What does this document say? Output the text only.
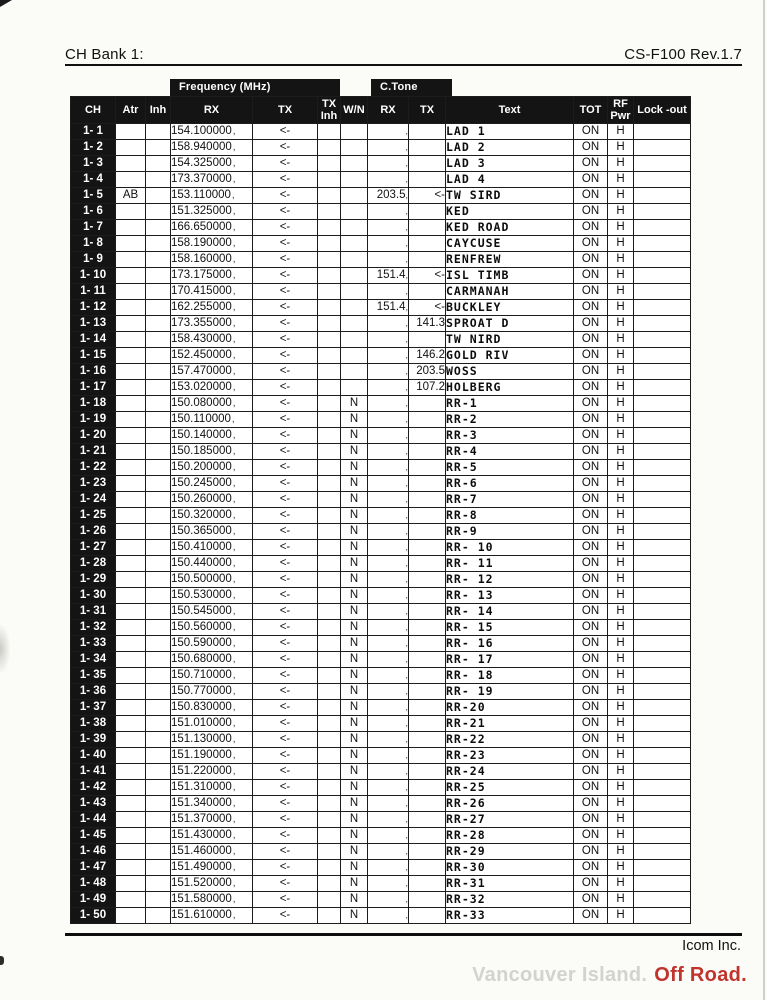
CH Bank 1:	CS-F100 Rev.1.7
Frequency (MHz)	C.Tone
CH	Atr	Inh	RX	TX	TX Inh	W/N	RX	TX	Text	TOT	RF Pwr	Lock -out
1- 1			154.100000 ,	<-			,		LAD 1	ON	H	
1- 2			158.940000 ,	<-			,		LAD 2	ON	H	
1- 3			154.325000 ,	<-			,		LAD 3	ON	H	
1- 4			173.370000 ,	<-			,		LAD 4	ON	H	
1- 5	AB		153.110000 ,	<-			203.5 ,	<-	TW SIRD	ON	H	
1- 6			151.325000 ,	<-			,		KED	ON	H	
1- 7			166.650000 ,	<-			,		KED ROAD	ON	H	
1- 8			158.190000 ,	<-			,		CAYCUSE	ON	H	
1- 9			158.160000 ,	<-			,		RENFREW	ON	H	
1- 10			173.175000 ,	<-			151.4 ,	<-	ISL TIMB	ON	H	
1- 11			170.415000 ,	<-			,		CARMANAH	ON	H	
1- 12			162.255000 ,	<-			151.4 ,	<-	BUCKLEY	ON	H	
1- 13			173.355000 ,	<-			,	141.3	SPROAT D	ON	H	
1- 14			158.430000 ,	<-			,		TW NIRD	ON	H	
1- 15			152.450000 ,	<-			,	146.2	GOLD RIV	ON	H	
1- 16			157.470000 ,	<-			,	203.5	WOSS	ON	H	
1- 17			153.020000 ,	<-			,	107.2	HOLBERG	ON	H	
1- 18			150.080000 ,	<-		N	,		RR-1	ON	H	
1- 19			150.110000 ,	<-		N	,		RR-2	ON	H	
1- 20			150.140000 ,	<-		N	,		RR-3	ON	H	
1- 21			150.185000 ,	<-		N	,		RR-4	ON	H	
1- 22			150.200000 ,	<-		N	,		RR-5	ON	H	
1- 23			150.245000 ,	<-		N	,		RR-6	ON	H	
1- 24			150.260000 ,	<-		N	,		RR-7	ON	H	
1- 25			150.320000 ,	<-		N	,		RR-8	ON	H	
1- 26			150.365000 ,	<-		N	,		RR-9	ON	H	
1- 27			150.410000 ,	<-		N	,		RR- 10	ON	H	
1- 28			150.440000 ,	<-		N	,		RR- 11	ON	H	
1- 29			150.500000 ,	<-		N	,		RR- 12	ON	H	
1- 30			150.530000 ,	<-		N	,		RR- 13	ON	H	
1- 31			150.545000 ,	<-		N	,		RR- 14	ON	H	
1- 32			150.560000 ,	<-		N	,		RR- 15	ON	H	
1- 33			150.590000 ,	<-		N	,		RR- 16	ON	H	
1- 34			150.680000 ,	<-		N	,		RR- 17	ON	H	
1- 35			150.710000 ,	<-		N	,		RR- 18	ON	H	
1- 36			150.770000 ,	<-		N	,		RR- 19	ON	H	
1- 37			150.830000 ,	<-		N	,		RR-20	ON	H	
1- 38			151.010000 ,	<-		N	,		RR-21	ON	H	
1- 39			151.130000 ,	<-		N	,		RR-22	ON	H	
1- 40			151.190000 ,	<-		N	,		RR-23	ON	H	
1- 41			151.220000 ,	<-		N	,		RR-24	ON	H	
1- 42			151.310000 ,	<-		N	,		RR-25	ON	H	
1- 43			151.340000 ,	<-		N	,		RR-26	ON	H	
1- 44			151.370000 ,	<-		N	,		RR-27	ON	H	
1- 45			151.430000 ,	<-		N	,		RR-28	ON	H	
1- 46			151.460000 ,	<-		N	,		RR-29	ON	H	
1- 47			151.490000 ,	<-		N	,		RR-30	ON	H	
1- 48			151.520000 ,	<-		N	,		RR-31	ON	H	
1- 49			151.580000 ,	<-		N	,		RR-32	ON	H	
1- 50			151.610000 ,	<-		N	,		RR-33	ON	H	
Icom Inc.
Vancouver Island. Off Road.
